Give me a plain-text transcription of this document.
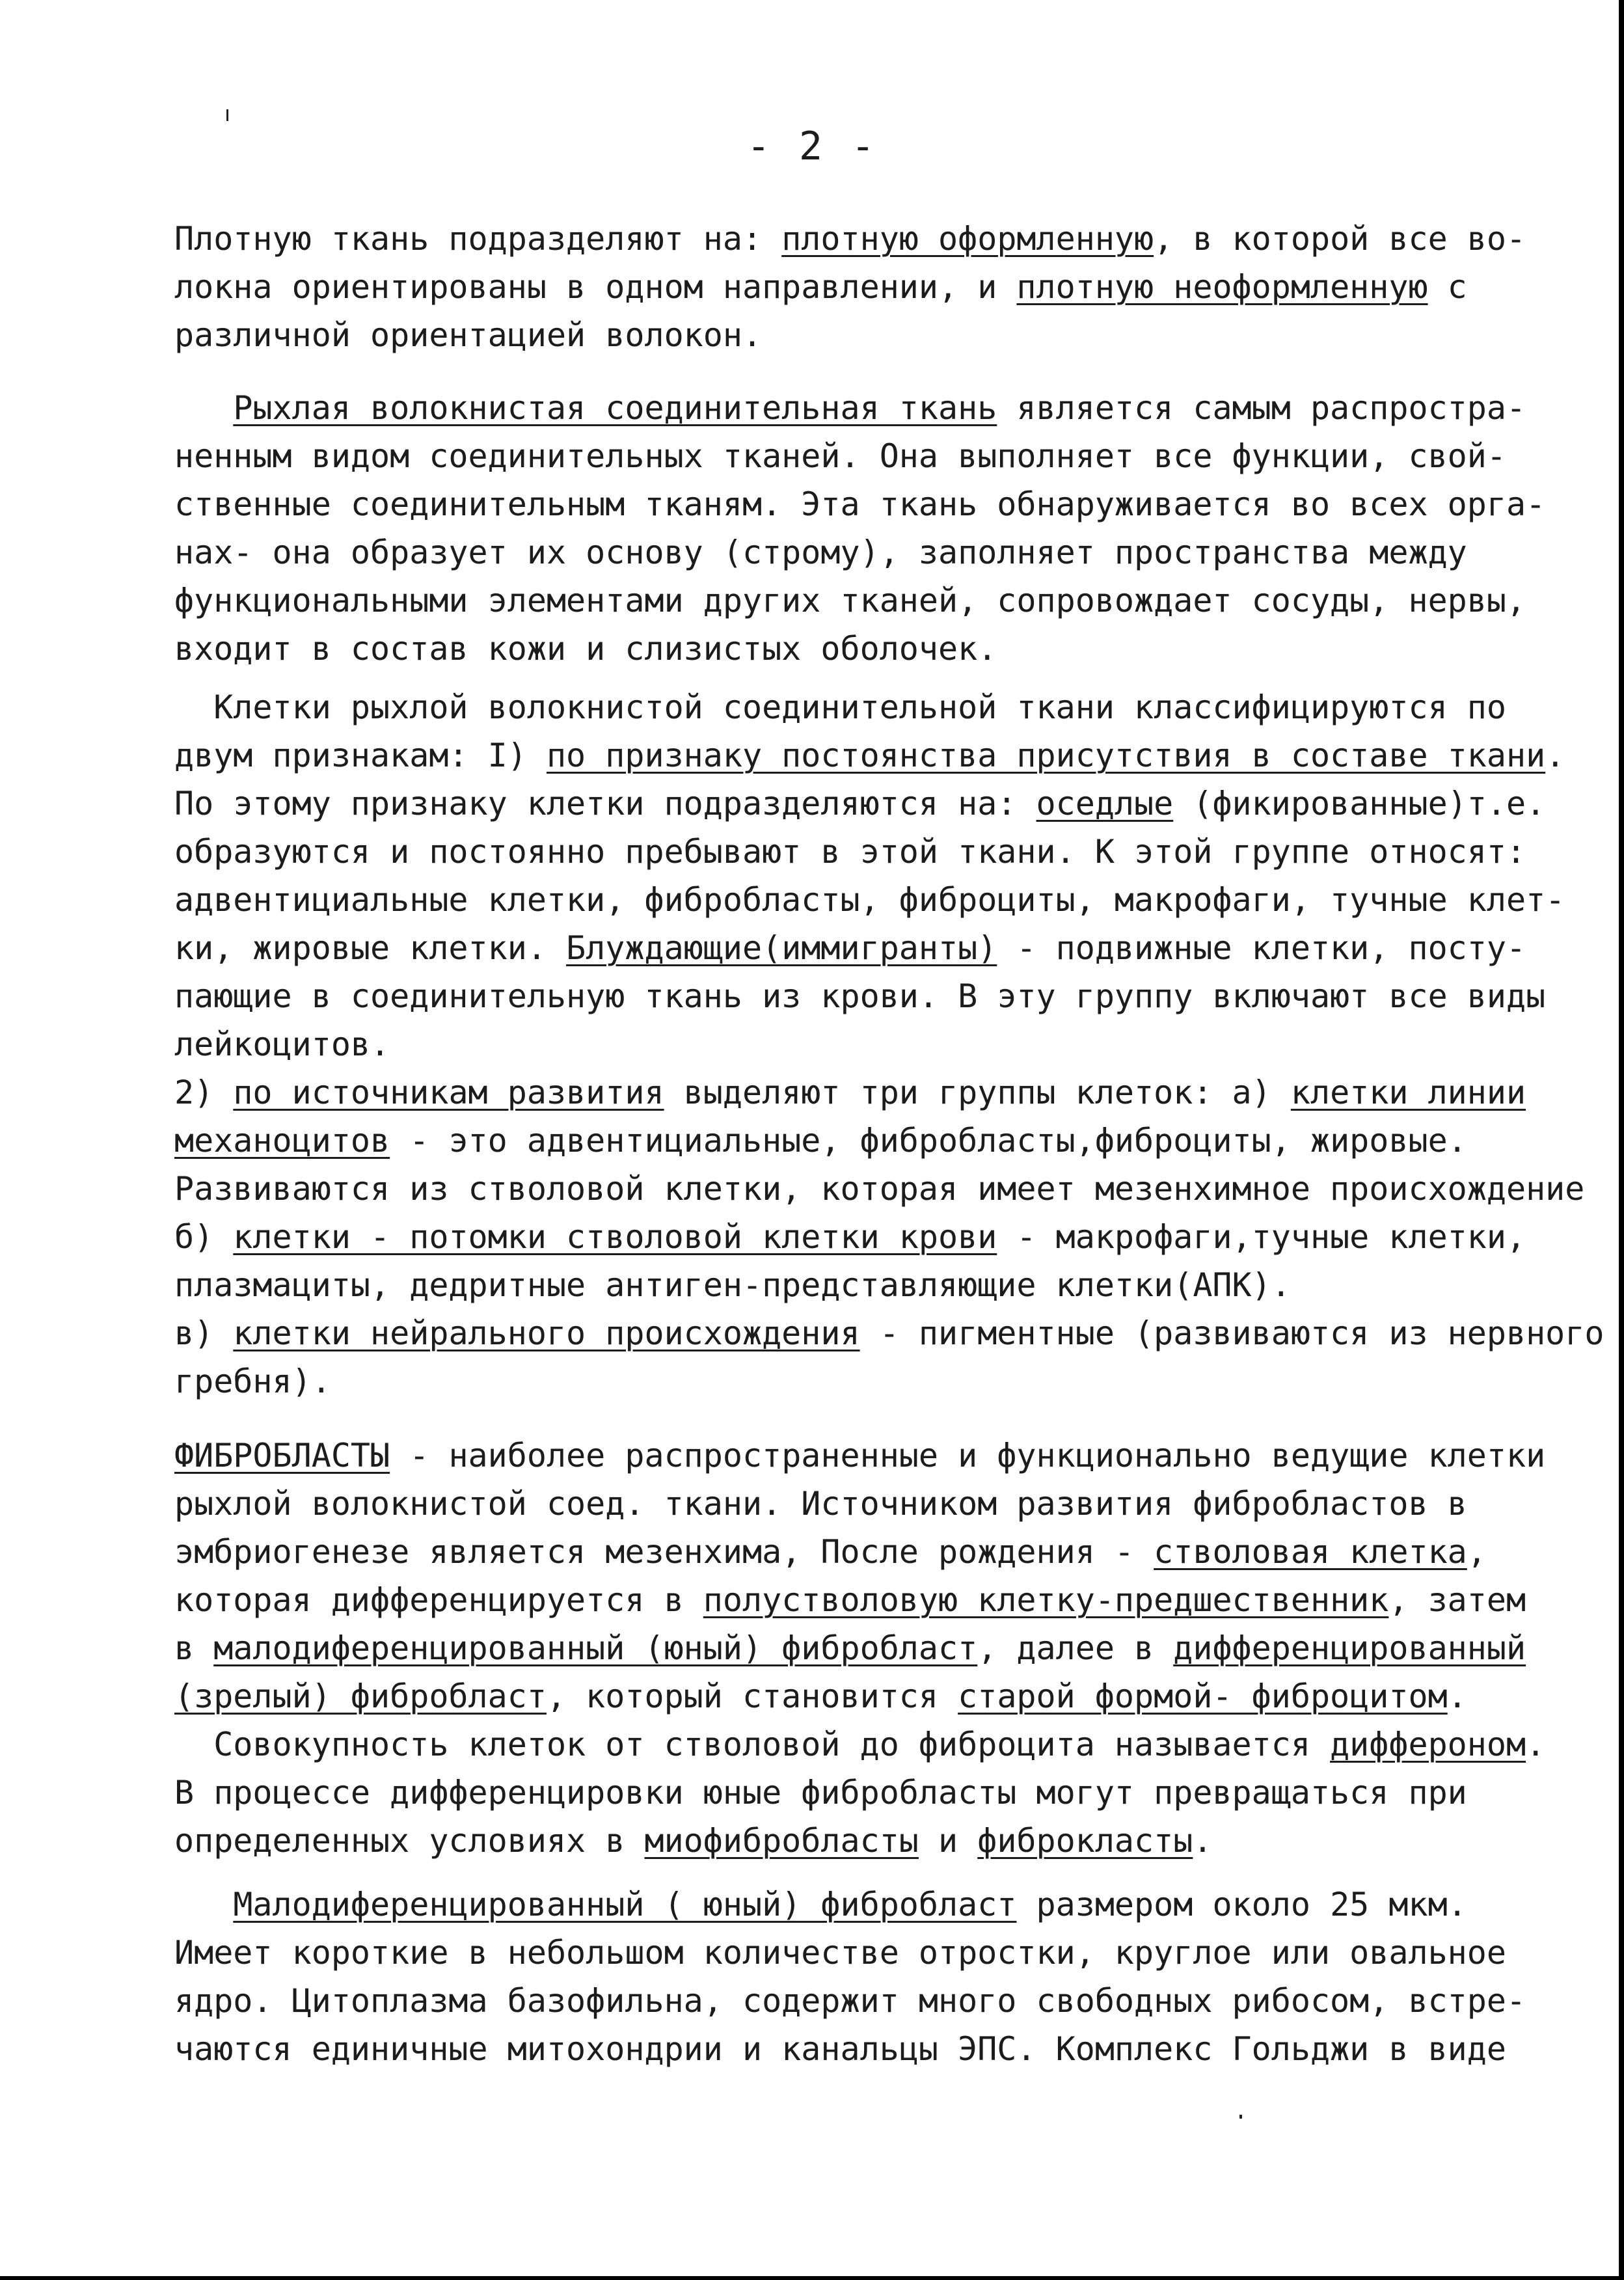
- 2 -
Плотную ткань подразделяют на: плотную оформленную, в которой все во-
локна ориентированы в одном направлении, и плотную неоформленную с
различной ориентацией волокон.
Рыхлая волокнистая соединительная ткань является самым распростра-
ненным видом соединительных тканей. Она выполняет все функции, свой-
ственные соединительным тканям. Эта ткань обнаруживается во всех орга-
нах- она образует их основу (строму), заполняет пространства между
функциональными элементами других тканей, сопровождает сосуды, нервы,
входит в состав кожи и слизистых оболочек.
Клетки рыхлой волокнистой соединительной ткани классифицируются по
двум признакам: I) по признаку постоянства присутствия в составе ткани.
По этому признаку клетки подразделяются на: оседлые (фикированные)т.е.
образуются и постоянно пребывают в этой ткани. К этой группе относят:
адвентициальные клетки, фибробласты, фиброциты, макрофаги, тучные клет-
ки, жировые клетки. Блуждающие(иммигранты) - подвижные клетки, посту-
пающие в соединительную ткань из крови. В эту группу включают все виды
лейкоцитов.
2) по источникам развития выделяют три группы клеток: а) клетки линии
механоцитов - это адвентициальные, фибробласты,фиброциты, жировые.
Развиваются из стволовой клетки, которая имеет мезенхимное происхождение
б) клетки - потомки стволовой клетки крови - макрофаги,тучные клетки,
плазмациты, дедритные антиген-представляющие клетки(АПК).
в) клетки нейрального происхождения - пигментные (развиваются из нервного
гребня).
ФИБРОБЛАСТЫ - наиболее распространенные и функционально ведущие клетки
рыхлой волокнистой соед. ткани. Источником развития фибробластов в
эмбриогенезе является мезенхима, После рождения - стволовая клетка,
которая дифференцируется в полустволовую клетку-предшественник, затем
в малодиференцированный (юный) фибробласт, далее в дифференцированный
(зрелый) фибробласт, который становится старой формой- фиброцитом.
Совокупность клеток от стволовой до фиброцита называется диффероном.
В процессе дифференцировки юные фибробласты могут превращаться при
определенных условиях в миофибробласты и фиброкласты.
Малодиференцированный ( юный) фибробласт размером около 25 мкм.
Имеет короткие в небольшом количестве отростки, круглое или овальное
ядро. Цитоплазма базофильна, содержит много свободных рибосом, встре-
чаются единичные митохондрии и канальцы ЭПС. Комплекс Гольджи в виде
